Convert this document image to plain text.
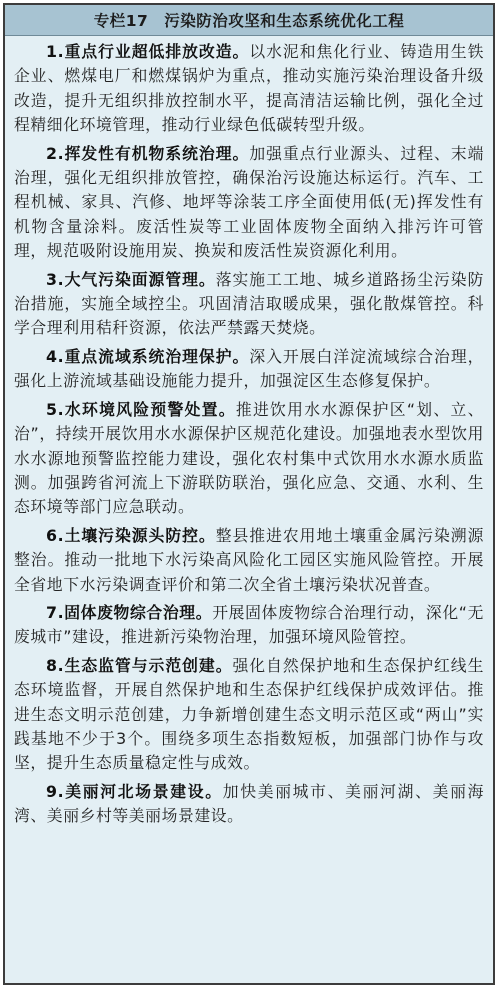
专栏17 污染防治攻坚和生态系统优化工程

1.重点行业超低排放改造。以水泥和焦化行业、铸造用生铁企业、燃煤电厂和燃煤锅炉为重点，推动实施污染治理设备升级改造，提升无组织排放控制水平，提高清洁运输比例，强化全过程精细化环境管理，推动行业绿色低碳转型升级。

2.挥发性有机物系统治理。加强重点行业源头、过程、末端治理，强化无组织排放管控，确保治污设施达标运行。汽车、工程机械、家具、汽修、地坪等涂装工序全面使用低(无)挥发性有机物含量涂料。废活性炭等工业固体废物全面纳入排污许可管理，规范吸附设施用炭、换炭和废活性炭资源化利用。

3.大气污染面源管理。落实施工工地、城乡道路扬尘污染防治措施，实施全域控尘。巩固清洁取暖成果，强化散煤管控。科学合理利用秸秆资源，依法严禁露天焚烧。

4.重点流域系统治理保护。深入开展白洋淀流域综合治理，强化上游流域基础设施能力提升，加强淀区生态修复保护。

5.水环境风险预警处置。推进饮用水水源保护区“划、立、治”，持续开展饮用水水源保护区规范化建设。加强地表水型饮用水水源地预警监控能力建设，强化农村集中式饮用水水源水质监测。加强跨省河流上下游联防联治，强化应急、交通、水利、生态环境等部门应急联动。

6.土壤污染源头防控。整县推进农用地土壤重金属污染溯源整治。推动一批地下水污染高风险化工园区实施风险管控。开展全省地下水污染调查评价和第二次全省土壤污染状况普查。

7.固体废物综合治理。开展固体废物综合治理行动，深化“无废城市”建设，推进新污染物治理，加强环境风险管控。

8.生态监管与示范创建。强化自然保护地和生态保护红线生态环境监督，开展自然保护地和生态保护红线保护成效评估。推进生态文明示范创建，力争新增创建生态文明示范区或“两山”实践基地不少于3个。围绕多项生态指数短板，加强部门协作与攻坚，提升生态质量稳定性与成效。

9.美丽河北场景建设。加快美丽城市、美丽河湖、美丽海湾、美丽乡村等美丽场景建设。
